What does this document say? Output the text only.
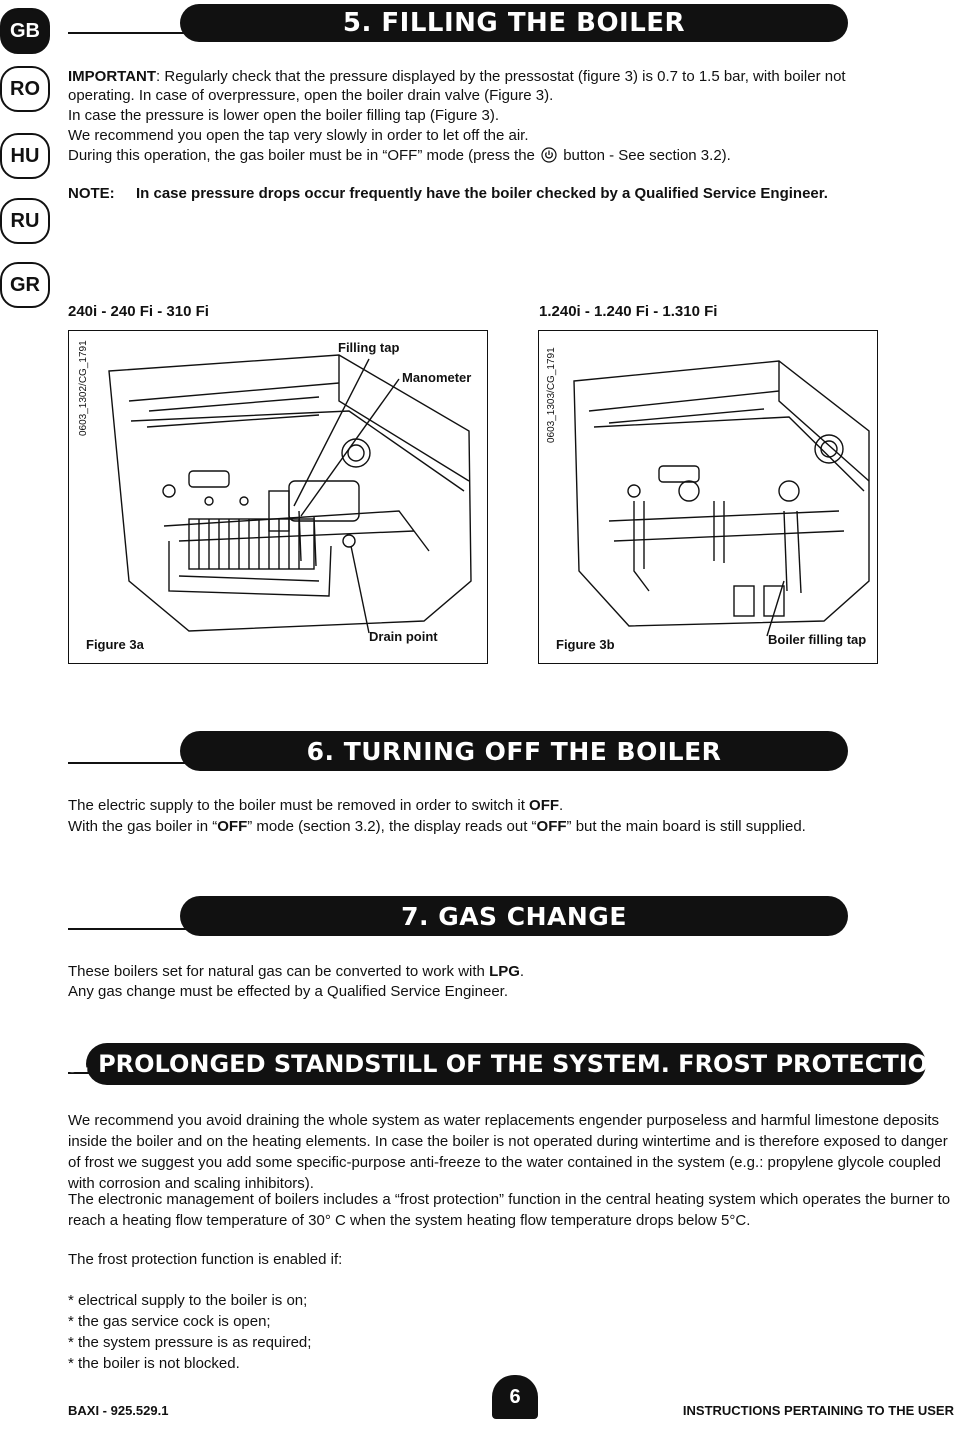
GB
RO
HU
RU
GR
5. FILLING THE BOILER
IMPORTANT: Regularly check that the pressure displayed by the pressostat (figure 3) is 0.7 to 1.5 bar, with boiler not
operating. In case of overpressure, open the boiler drain valve (Figure 3).
In case the pressure is lower open the boiler filling tap (Figure 3).
We recommend you open the tap very slowly in order to let off the air.
During this operation, the gas boiler must be in “OFF” mode (press the button - See section 3.2).
NOTE: In case pressure drops occur frequently have the boiler checked by a Qualified Service Engineer.
240i - 240 Fi - 310 Fi	1.240i - 1.240 Fi - 1.310 Fi
0603_1302/CG_1791	0603_1303/CG_1791
Filling tap
Manometer
Drain point	Boiler filling tap
Figure 3a	Figure 3b
6. TURNING OFF THE BOILER
The electric supply to the boiler must be removed in order to switch it OFF.
With the gas boiler in “OFF” mode (section 3.2), the display reads out “OFF” but the main board is still supplied.
7. GAS CHANGE
These boilers set for natural gas can be converted to work with LPG.
Any gas change must be effected by a Qualified Service Engineer.
8. PROLONGED STANDSTILL OF THE SYSTEM. FROST PROTECTION
We recommend you avoid draining the whole system as water replacements engender purposeless and harmful limestone deposits inside the boiler and on the heating elements. In case the boiler is not operated during wintertime and is therefore exposed to danger of frost we suggest you add some specific-purpose anti-freeze to the water contained in the system (e.g.: propylene glycole coupled with corrosion and scaling inhibitors).
The electronic management of boilers includes a “frost protection” function in the central heating system which operates the burner to reach a heating flow temperature of 30° C when the system heating flow temperature drops below 5°C.
The frost protection function is enabled if:
* electrical supply to the boiler is on;
* the gas service cock is open;
* the system pressure is as required;
* the boiler is not blocked.
BAXI - 925.529.1
6
INSTRUCTIONS PERTAINING TO THE USER
